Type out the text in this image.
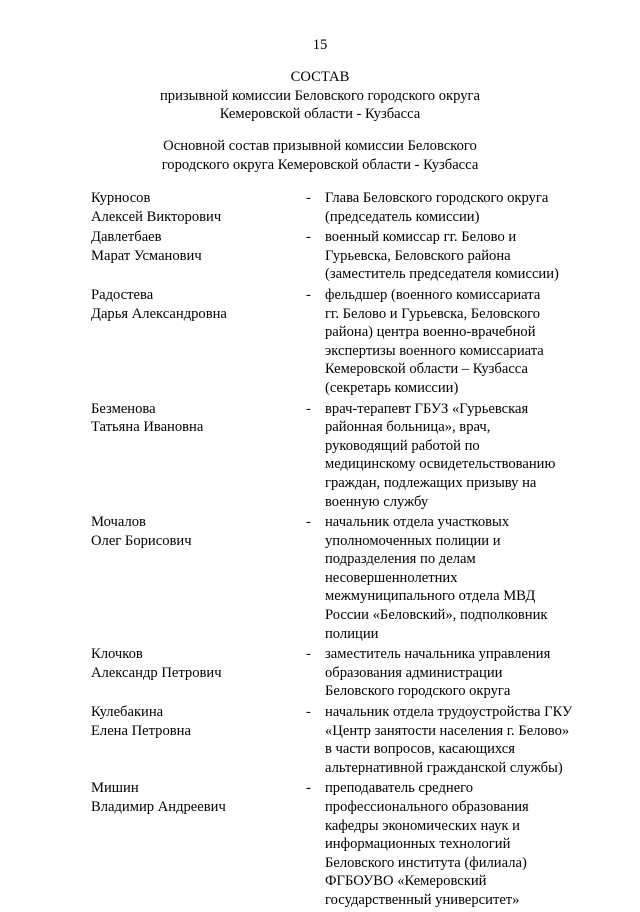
15
СОСТАВ
призывной комиссии Беловского городского округа
Кемеровской области - Кузбасса
Основной состав призывной комиссии Беловского
городского округа Кемеровской области - Кузбасса
Курносов
Алексей Викторович
- Глава Беловского городского округа
(председатель комиссии)
Давлетбаев
Марат Усманович
- военный комиссар гг. Белово и
Гурьевска, Беловского района
(заместитель председателя комиссии)
Радостева
Дарья Александровна
- фельдшер (военного комиссариата
гг. Белово и Гурьевска, Беловского
района) центра военно-врачебной
экспертизы военного комиссариата
Кемеровской области – Кузбасса
(секретарь комиссии)
Безменова
Татьяна Ивановна
- врач-терапевт ГБУЗ «Гурьевская
районная больница», врач,
руководящий работой по
медицинскому освидетельствованию
граждан, подлежащих призыву на
военную службу
Мочалов
Олег Борисович
- начальник отдела участковых
уполномоченных полиции и
подразделения по делам
несовершеннолетних
межмуниципального отдела МВД
России «Беловский», подполковник
полиции
Клочков
Александр Петрович
- заместитель начальника управления
образования администрации
Беловского городского округа
Кулебакина
Елена Петровна
- начальник отдела трудоустройства ГКУ
«Центр занятости населения г. Белово»
в части вопросов, касающихся
альтернативной гражданской службы)
Мишин
Владимир Андреевич
- преподаватель среднего
профессионального образования
кафедры экономических наук и
информационных технологий
Беловского института (филиала)
ФГБОУВО «Кемеровский
государственный университет»
